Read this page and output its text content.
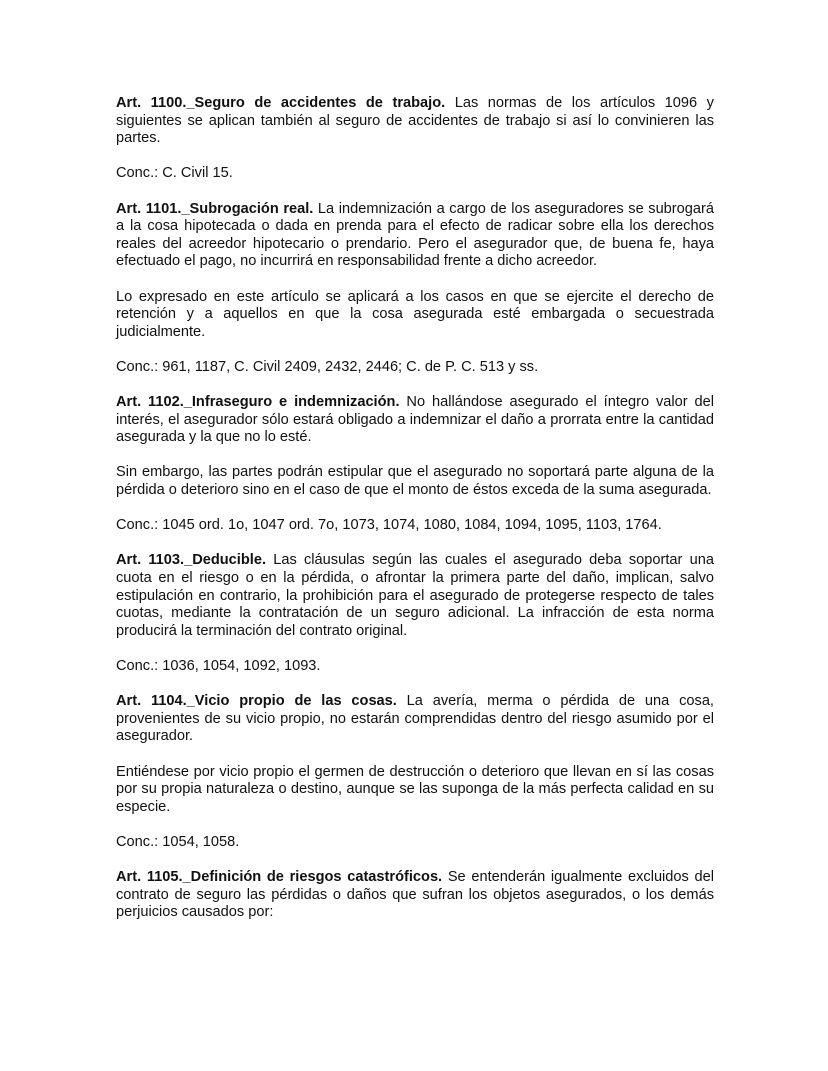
Art. 1100._Seguro de accidentes de trabajo. Las normas de los artículos 1096 y siguientes se aplican también al seguro de accidentes de trabajo si así lo convinieren las partes.

Conc.: C. Civil 15.

Art. 1101._Subrogación real. La indemnización a cargo de los aseguradores se subrogará a la cosa hipotecada o dada en prenda para el efecto de radicar sobre ella los derechos reales del acreedor hipotecario o prendario. Pero el asegurador que, de buena fe, haya efectuado el pago, no incurrirá en responsabilidad frente a dicho acreedor.

Lo expresado en este artículo se aplicará a los casos en que se ejercite el derecho de retención y a aquellos en que la cosa asegurada esté embargada o secuestrada judicialmente.

Conc.: 961, 1187, C. Civil 2409, 2432, 2446; C. de P. C. 513 y ss.

Art. 1102._Infraseguro e indemnización. No hallándose asegurado el íntegro valor del interés, el asegurador sólo estará obligado a indemnizar el daño a prorrata entre la cantidad asegurada y la que no lo esté.

Sin embargo, las partes podrán estipular que el asegurado no soportará parte alguna de la pérdida o deterioro sino en el caso de que el monto de éstos exceda de la suma asegurada.

Conc.: 1045 ord. 1o, 1047 ord. 7o, 1073, 1074, 1080, 1084, 1094, 1095, 1103, 1764.

Art. 1103._Deducible. Las cláusulas según las cuales el asegurado deba soportar una cuota en el riesgo o en la pérdida, o afrontar la primera parte del daño, implican, salvo estipulación en contrario, la prohibición para el asegurado de protegerse respecto de tales cuotas, mediante la contratación de un seguro adicional. La infracción de esta norma producirá la terminación del contrato original.

Conc.: 1036, 1054, 1092, 1093.

Art. 1104._Vicio propio de las cosas. La avería, merma o pérdida de una cosa, provenientes de su vicio propio, no estarán comprendidas dentro del riesgo asumido por el asegurador.

Entiéndese por vicio propio el germen de destrucción o deterioro que llevan en sí las cosas por su propia naturaleza o destino, aunque se las suponga de la más perfecta calidad en su especie.

Conc.: 1054, 1058.

Art. 1105._Definición de riesgos catastróficos. Se entenderán igualmente excluidos del contrato de seguro las pérdidas o daños que sufran los objetos asegurados, o los demás perjuicios causados por:
